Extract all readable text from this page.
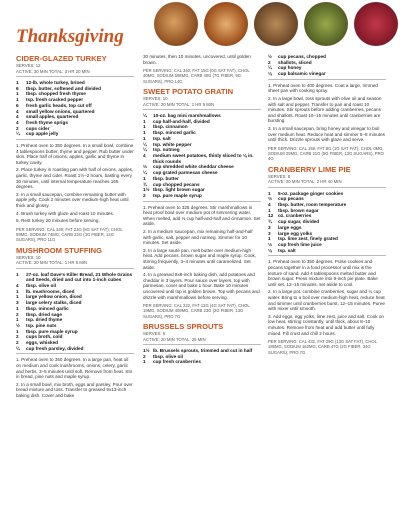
Thanksgiving
CIDER-GLAZED TURKEY
SERVES: 12
ACTIVE: 30 MIN TOTAL: 3 HR 20 MIN
1	12-lb. whole turkey, brined
6	tbsp. butter, softened and divided
1	tbsp. chopped fresh thyme
1	tsp. fresh cracked pepper
6	fresh garlic heads, top cut off
4	small yellow onions, quartered
4	small apples, quartered
4	fresh thyme sprigs
2	cups cider
¼	cup apple jelly

1. Preheat oven to 350 degrees. In a small bowl, combine 4 tablespoons butter, thyme and pepper. Rub butter under skin. Place half of onions, apples, garlic and thyme in turkey cavity.

2. Place turkey in roasting pan with half of onions, apples, garlic, thyme and cider. Roast 1½–2 hours, basting every 30 minutes, until internal temperature reaches 165 degrees.

3. In a small saucepan, combine remaining butter with apple jelly. Cook 2 minutes over medium-high heat until thick and glossy.

4. Brush turkey with glaze and roast 10 minutes.

5. Rest turkey 20 minutes before serving.

PER SERVING: CAL 349; FAT 23G (8G SAT FAT); CHOL 59MG, SODIUM 74MG; CARB 32G (3G FIBER, 14G SUGARS), PRO 11G

MUSHROOM STUFFING
SERVES: 10
ACTIVE: 20 MIN TOTAL: 1 HR 5 MIN
1	27-oz. loaf Dave's Killer Bread, 21 Whole Grains and Seeds, dried and cut into 1-inch cubes
4	tbsp. olive oil
1	lb. mushrooms, diced
1	large yellow onion, diced
3	large celery stalks, diced
1	tbsp. minced garlic
2	tbsp. dried sage
1	tsp. dried thyme
½	tsp. pine nuts
1	tbsp. pure maple syrup
2	cups broth, cold
2	eggs, whisked
¼	cup fresh parsley, divided

1. Preheat oven to 350 degrees. In a large pan, heat oil on medium and cook mushrooms, onions, celery, garlic and herbs, 3–5 minutes until soft. Remove from heat. Stir in bread, pine nuts and maple syrup.

2. In a small bowl, mix broth, eggs and parsley. Pour over bread mixture and toss. Transfer to greased 9x13-inch baking dish. Cover and bake

30 minutes, then 10 minutes, uncovered, until golden brown.

PER SERVING: CAL 340, FAT 15G (0G SAT FAT), CHOL 40MG, SODIUM 598MG, CARB 40G (7G FIBER, 9G SUGARS), PRO 14G

SWEET POTATO GRATIN
SERVES: 10
ACTIVE: 20 MIN TOTAL: 1 HR 5 MIN
¼	10-oz. bag mini marshmallows
1	cup half-and-half, divided
1	tbsp. cinnamon
1	tbsp. minced garlic
1	tsp. salt
¼	tsp. white pepper
¼	tsp. nutmeg
4	medium sweet potatoes, thinly sliced to ⅛ in. thick rounds
⅔	cup shredded white cheddar cheese
¼	cup grated parmesan cheese
1	tbsp. butter
¾	cup chopped pecans
1½ tbsp. light brown sugar
2	tsp. pure maple syrup

1. Preheat oven to 325 degrees. Stir marshmallows in heat proof bowl over medium pot of simmering water. When melted, add ⅓ cup half-and-half and cinnamon. Set aside.

2. In a medium saucepan, mix remaining half-and-half with garlic, salt, pepper and nutmeg. Simmer for 10 minutes. Set aside.

3. In a large sauté pan, melt butter over medium-high heat. Add pecans, brown sugar and maple syrup. Cook, stirring frequently, 3–4 minutes until caramelized. Set aside.

4. In a greased 8x8-inch baking dish, add potatoes and cheddar in 3 layers. Pour sauce over layers, top with parmesan, cover and bake 1 hour. Bake 10 minutes uncovered until top is golden brown. Top with pecans and drizzle with marshmallows before serving.

PER SERVING: CAL 222, FAT 12G (4G SAT FAT), CHOL 19MG, SODIUM 409MG, CARB 23G (2G FIBER, 13G SUGARS), PRO 7G

BRUSSELS SPROUTS
SERVES: 6
ACTIVE: 20 MIN TOTAL: 25 MIN
1½ lb. Brussels sprouts, trimmed and cut in half
2	tbsp. olive oil
1	cup fresh cranberries
½	cup pecans, chopped
2	shallots, sliced
¼	cup honey
⅛	cup balsamic vinegar

1. Preheat oven to 400 degrees. Coat a large, rimmed sheet pan with cooking spray.

2. In a large bowl, toss sprouts with olive oil and season with salt and pepper. Transfer to pan and roast 10 minutes. Stir sprouts before adding cranberries, pecans and shallots. Roast 10–15 minutes until cranberries are bursting.

3. In a small saucepan, bring honey and vinegar to boil over medium heat. Reduce heat and simmer 5–8 minutes until thick. Drizzle sprouts with glaze and serve.

PER SERVING: CAL 159, FAT 8G (1G SAT FAT), CHOL 0MG, SODIUM 29MG, CARB 21G (5G FIBER, 13G SUGARS), PRO 4G

CRANBERRY LIME PIE
SERVES: 8
ACTIVE: 20 MIN TOTAL: 2 HR 40 MIN
1	5-oz. package ginger cookies
⅔	cup pecans
4	tbsp. butter, room temperature
1	tbsp. brown sugar
12	oz. cranberries
¾	cup sugar, divided
3	large eggs
3	large egg yolks
1	tsp. lime zest, finely grated
⅓	cup fresh lime juice
⅛	tsp. salt

1. Preheat oven to 350 degrees. Pulse cookies and pecans together in a food processor until mix is the texture of sand. Add 4 tablespoons melted butter and brown sugar. Press mixture into 9-inch pie plate. Bake until set, 12–15 minutes, set aside to cool.

2. In a large pot, combine cranberries, sugar and ¼ cup water. Bring to a boil over medium-high heat, reduce heat and simmer until cranberries burst, 12–15 minutes. Puree with mixer until smooth.

3. Add eggs, egg yolks, lime zest, juice and salt. Cook on low heat, stirring constantly, until thick, about 8–10 minutes. Remove from heat and add butter until fully mixed. Fill crust and chill 2 hours.

PER SERVING: CAL 432, FAT 29G (13G SAT FAT), CHOL 185MG, SODIUM 162MG, CARB 47G (2G FIBER, 34G SUGARS), PRO 7G
